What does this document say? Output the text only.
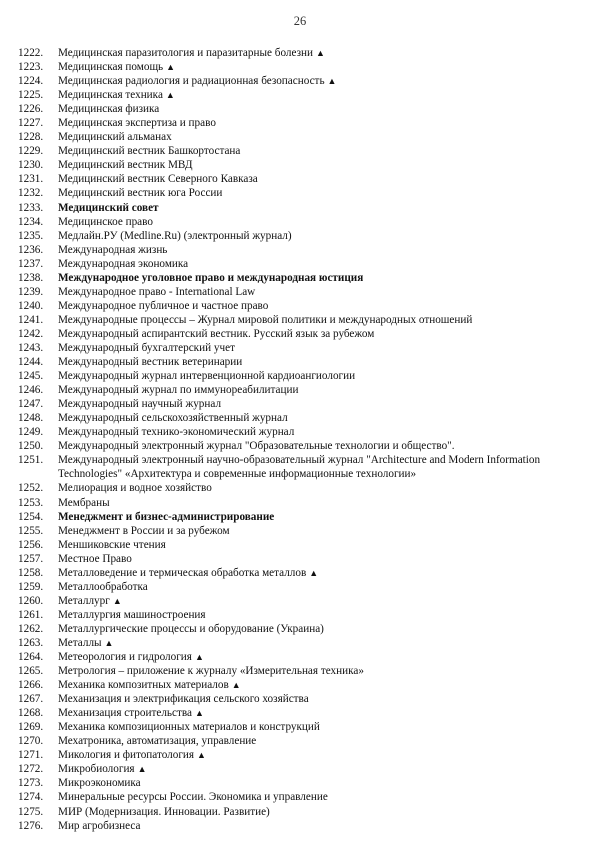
26
1222.	Медицинская паразитология и паразитарные болезни ▲
1223.	Медицинская помощь ▲
1224.	Медицинская радиология и радиационная безопасность ▲
1225.	Медицинская техника ▲
1226.	Медицинская физика
1227.	Медицинская экспертиза и право
1228.	Медицинский альманах
1229.	Медицинский вестник Башкортостана
1230.	Медицинский вестник МВД
1231.	Медицинский вестник Северного Кавказа
1232.	Медицинский вестник юга России
1233.	Медицинский совет
1234.	Медицинское право
1235.	Медлайн.РУ (Medline.Ru) (электронный журнал)
1236.	Международная жизнь
1237.	Международная экономика
1238.	Международное уголовное право и международная юстиция
1239.	Международное право - International Law
1240.	Международное публичное и частное право
1241.	Международные процессы – Журнал мировой политики и международных отношений
1242.	Международный аспирантский вестник. Русский язык за рубежом
1243.	Международный бухгалтерский учет
1244.	Международный вестник ветеринарии
1245.	Международный журнал интервенционной кардиоангиологии
1246.	Международный журнал по иммунореабилитации
1247.	Международный научный журнал
1248.	Международный сельскохозяйственный журнал
1249.	Международный технико-экономический журнал
1250.	Международный электронный журнал "Образовательные технологии и общество".
1251.	Международный электронный научно-образовательный журнал "Architecture and Modern Information Technologies" «Архитектура и современные информационные технологии»
1252.	Мелиорация и водное хозяйство
1253.	Мембраны
1254.	Менеджмент и бизнес-администрирование
1255.	Менеджмент в России и за рубежом
1256.	Меншиковские чтения
1257.	Местное Право
1258.	Металловедение и термическая обработка металлов ▲
1259.	Металлообработка
1260.	Металлург ▲
1261.	Металлургия машиностроения
1262.	Металлургические процессы и оборудование (Украина)
1263.	Металлы ▲
1264.	Метеорология и гидрология ▲
1265.	Метрология – приложение к журналу «Измерительная техника»
1266.	Механика композитных материалов ▲
1267.	Механизация и электрификация сельского хозяйства
1268.	Механизация строительства ▲
1269.	Механика композиционных материалов и конструкций
1270.	Мехатроника, автоматизация, управление
1271.	Микология и фитопатология ▲
1272.	Микробиология ▲
1273.	Микроэкономика
1274.	Минеральные ресурсы России. Экономика и управление
1275.	МИР (Модернизация. Инновации. Развитие)
1276.	Мир агробизнеса
